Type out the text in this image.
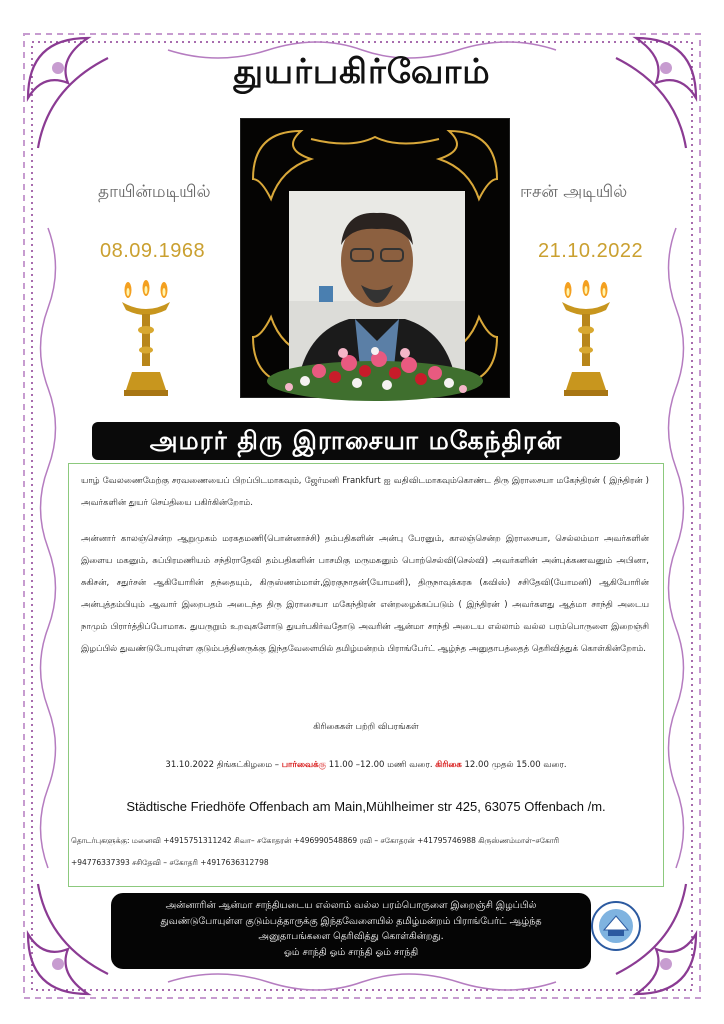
துயர்பகிர்வோம்
தாயின்மடியில்	ஈசன் அடியில்
08.09.1968	21.10.2022
அமரர் திரு இராசையா மகேந்திரன்
யாழ் வேலணைமேற்கு சரவணையைப் பிறப்பிடமாகவும், ஜேர்மனி Frankfurt ஐ வதிவிடமாகவும்கொண்ட திரு இராசையா மகேந்திரன் ( இந்திரன் ) அவர்களின் துயர் செய்தியை பகிர்கின்றோம்.
அன்னார் காலஞ்சென்ற ஆறுமுகம் மரகதமணி(பொன்னாச்சி) தம்பதிகளின் அன்பு பேரனும், காலஞ்சென்ற இராசையா, செல்லம்மா அவர்களின் இளைய மகனும், சுப்பிரமணியம் சந்திராதேவி தம்பதிகளின் பாசமிகு மருமகனும் பொற்செல்வி(செல்வி) அவர்களின் அன்புக்கணவனும் அபினா, சுகிசன், சதுர்சன் ஆகியோரின் தந்தையும், கிருஸ்ணம்மாள்,இரகுநாதன்(யோமனி), திருநாவுக்கரசு (கவிஸ்) சசிதேவி(யோமனி) ஆகியோரின் அன்புத்தம்பியும் ஆவார் இறைபதம் அடைந்த திரு இராசையா மகேந்திரன் என்றழைக்கப்படும் ( இந்திரன் ) அவர்களது ஆத்மா சாந்தி அடைய நாமும் பிரார்த்திப்போமாக. துயருறும் உறவுகளோடு துயர்பகிர்வதோடு அவரின் ஆன்மா சாந்தி அடைய எல்லாம் வல்ல பரம்பொருளை இறைஞ்சி இழப்பில் துவண்டுபோயுள்ள குடும்பத்தினருக்கு இந்தவேளையில் தமிழ்மன்றம் பிராங்பேர்ட் ஆழ்ந்த அனுதாபத்தைத் தெரிவித்துக் கொள்கின்றோம்.
கிரிகைகள் பற்றி விபரங்கள்
31.10.2022 திங்கட்கிழமை – பார்வைக்கு 11.00 –12.00 மணி வரை. கிரிகை 12.00 முதல் 15.00 வரை.
Städtische Friedhöfe Offenbach am Main,Mühlheimer str 425, 63075 Offenbach /m.
தொடர்புகளுக்கு: மனைவி +4915751311242 சிவா– சகோதரன் +496990548869 ரவி – சகோதரன் +41795746988 கிருஸ்ணம்மாள்–சகோரி
+94776337393 சசிதேவி – சகோதரி +4917636312798
அன்னாரின் ஆன்மா சாந்தியடைய எல்லாம் வல்ல பரம்பொருளை இறைஞ்சி இழப்பில்
துவண்டுபோயுள்ள குடும்பத்தாருக்கு இந்தவேளையில் தமிழ்மன்றம் பிராங்பேர்ட் ஆழ்ந்த
அனுதாபங்களை தெரிவித்து கொள்கின்றது.
ஓம் சாந்தி ஓம் சாந்தி ஓம் சாந்தி
